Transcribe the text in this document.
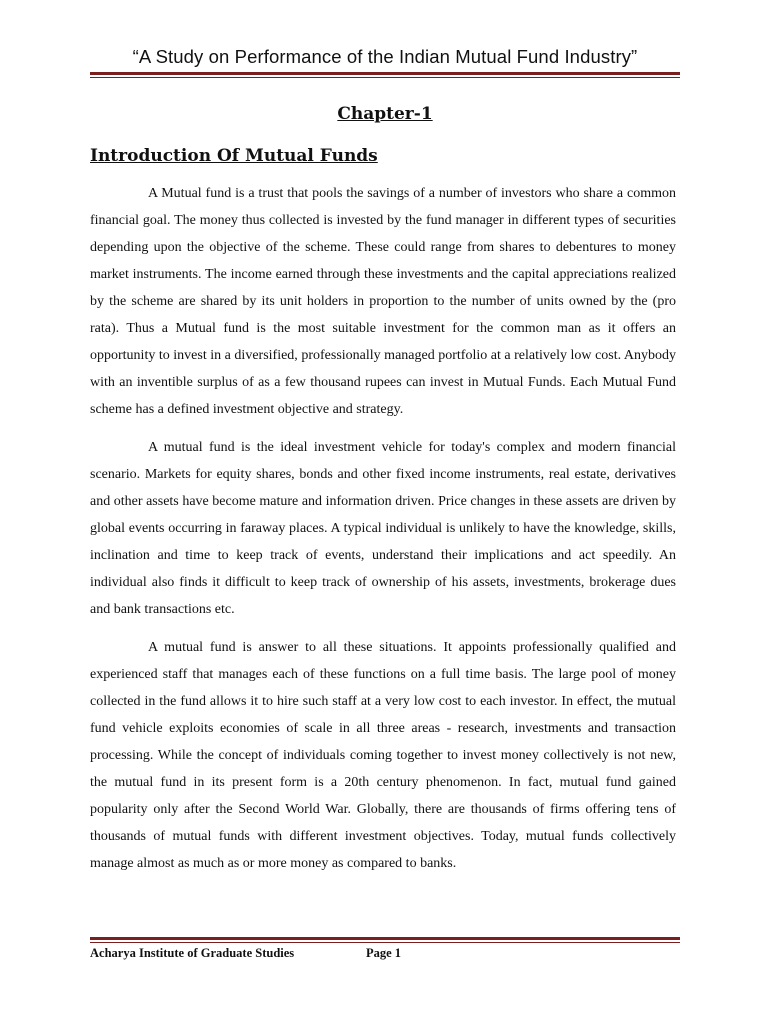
“A Study on Performance of the Indian Mutual Fund Industry”
Chapter-1
Introduction Of Mutual Funds

A Mutual fund is a trust that pools the savings of a number of investors who share a common financial goal. The money thus collected is invested by the fund manager in different types of securities depending upon the objective of the scheme. These could range from shares to debentures to money market instruments. The income earned through these investments and the capital appreciations realized by the scheme are shared by its unit holders in proportion to the number of units owned by the (pro rata). Thus a Mutual fund is the most suitable investment for the common man as it offers an opportunity to invest in a diversified, professionally managed portfolio at a relatively low cost. Anybody with an inventible surplus of as a few thousand rupees can invest in Mutual Funds. Each Mutual Fund scheme has a defined investment objective and strategy.

A mutual fund is the ideal investment vehicle for today's complex and modern financial scenario. Markets for equity shares, bonds and other fixed income instruments, real estate, derivatives and other assets have become mature and information driven. Price changes in these assets are driven by global events occurring in faraway places. A typical individual is unlikely to have the knowledge, skills, inclination and time to keep track of events, understand their implications and act speedily. An individual also finds it difficult to keep track of ownership of his assets, investments, brokerage dues and bank transactions etc.

A mutual fund is answer to all these situations. It appoints professionally qualified and experienced staff that manages each of these functions on a full time basis. The large pool of money collected in the fund allows it to hire such staff at a very low cost to each investor. In effect, the mutual fund vehicle exploits economies of scale in all three areas - research, investments and transaction processing. While the concept of individuals coming together to invest money collectively is not new, the mutual fund in its present form is a 20th century phenomenon. In fact, mutual fund gained popularity only after the Second World War. Globally, there are thousands of firms offering tens of thousands of mutual funds with different investment objectives. Today, mutual funds collectively manage almost as much as or more money as compared to banks.

Acharya Institute of Graduate Studies	Page 1
